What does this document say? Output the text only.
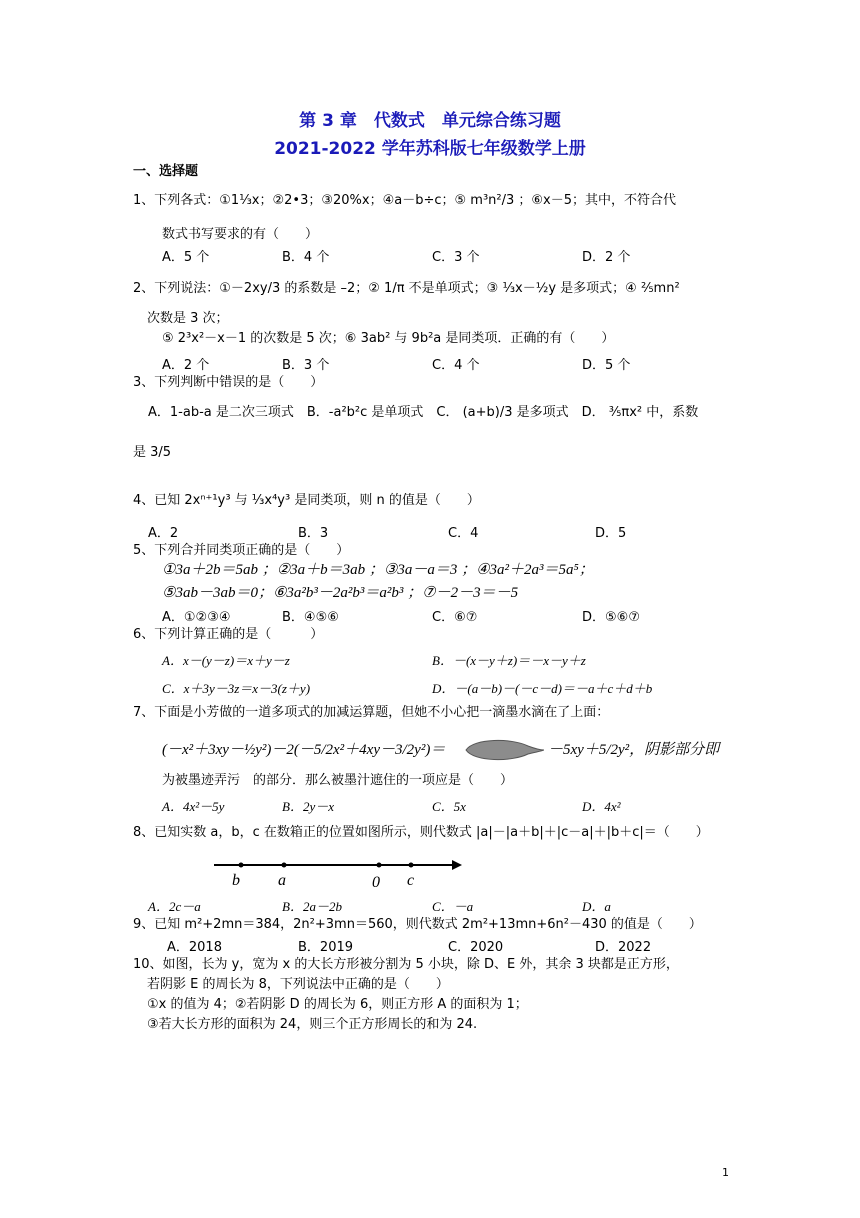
第 3 章　代数式　单元综合练习题
2021-2022 学年苏科版七年级数学上册
一、选择题
1、下列各式：①1⅓x；②2•3；③20%x；④a－b÷c；⑤ m³n²/3 ；⑥x－5；其中，不符合代
数式书写要求的有（　　）
A．5 个	B．4 个	C．3 个	D．2 个
2、下列说法：①－2xy/3 的系数是 –2；② 1/π 不是单项式；③ ⅓x－½y 是多项式；④ ⅖mn²
次数是 3 次；
⑤ 2³x²－x－1 的次数是 5 次；⑥ 3ab² 与 9b²a 是同类项．正确的有（　　）
A．2 个	B．3 个	C．4 个	D．5 个
3、下列判断中错误的是（　　）
A．1-ab-a 是二次三项式　B．-a²b²c 是单项式　C． (a+b)/3 是多项式　D． ⅗πx² 中，系数
是 3/5
4、已知 2xⁿ⁺¹y³ 与 ⅓x⁴y³ 是同类项，则 n 的值是（　　）
A．2	B．3	C．4	D．5
5、下列合并同类项正确的是（　　）
①3a＋2b＝5ab ；②3a＋b＝3ab ；③3a－a＝3 ；④3a²＋2a³＝5a⁵；
⑤3ab－3ab＝0；⑥3a²b³－2a²b³＝a²b³ ；⑦－2－3＝－5
A．①②③④	B．④⑤⑥	C．⑥⑦	D．⑤⑥⑦
6、下列计算正确的是（　　　）
A．x－(y－z)＝x＋y－z	B．－(x－y＋z)＝－x－y＋z
C．x＋3y－3z＝x－3(z＋y)	D．－(a－b)－(－c－d)＝－a＋c＋d＋b
7、下面是小芳做的一道多项式的加减运算题，但她不小心把一滴墨水滴在了上面：
(－x²＋3xy－½y²)－2(－5/2x²＋4xy－3/2y²)＝	－5xy＋5/2y²，阴影部分即
为被墨迹弄污　的部分．那么被墨汁遮住的一项应是（　　）
A．4x²－5y	B．2y－x	C．5x	D．4x²
8、已知实数 a，b，c 在数箱正的位置如图所示，则代数式 |a|－|a＋b|＋|c－a|＋|b＋c|＝（　　）
b a	0 c
A．2c－a	B．2a－2b	C．－a	D．a
9、已知 m²+2mn＝384，2n²+3mn＝560，则代数式 2m²+13mn+6n²－430 的值是（　　）
A．2018	B．2019	C．2020	D．2022
10、如图，长为 y，宽为 x 的大长方形被分割为 5 小块，除 D、E 外，其余 3 块都是正方形，
若阴影 E 的周长为 8，下列说法中正确的是（　　）
①x 的值为 4；②若阴影 D 的周长为 6，则正方形 A 的面积为 1；
③若大长方形的面积为 24，则三个正方形周长的和为 24.
1
